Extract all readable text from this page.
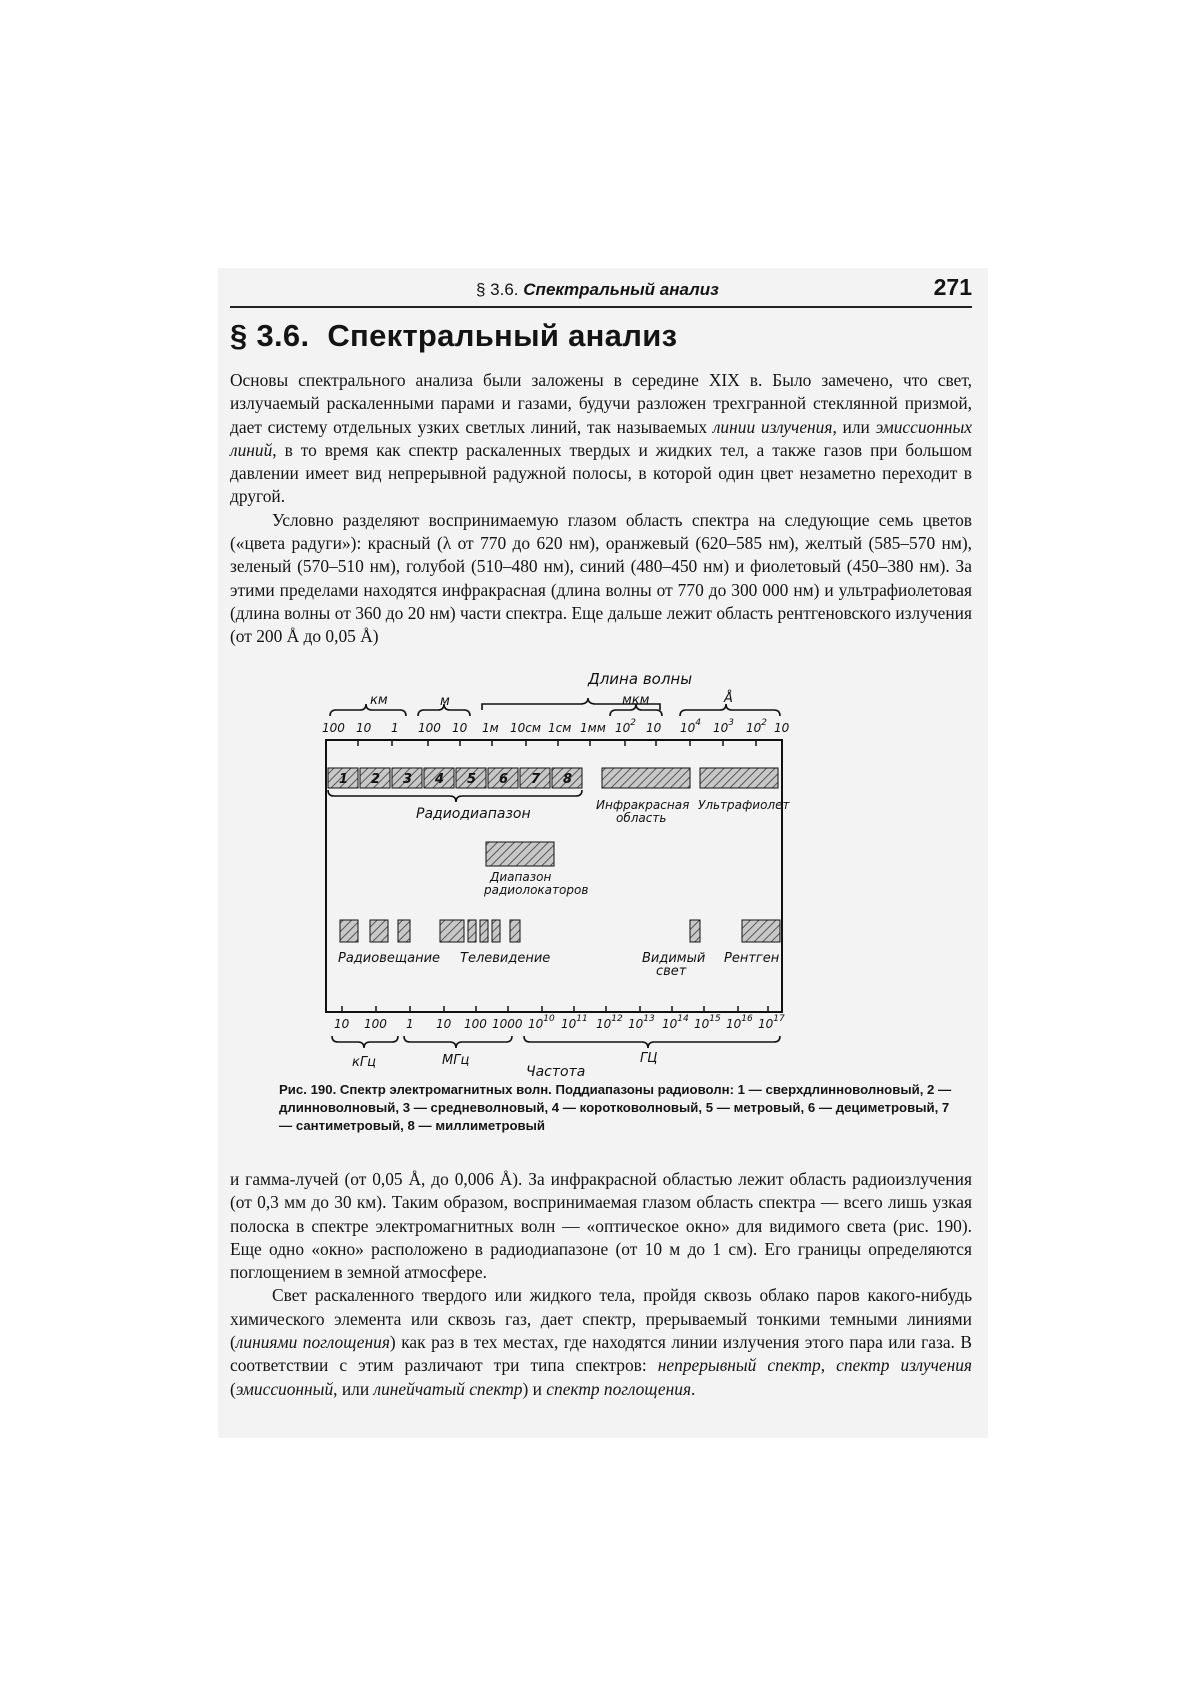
§ 3.6. Спектральный анализ	271
§ 3.6. Спектральный анализ

Основы спектрального анализа были заложены в середине XIX в. Было замечено, что свет, излучаемый раскаленными парами и газами, будучи разложен трехгранной стеклянной призмой, дает систему отдельных узких светлых линий, так называемых линии излучения, или эмиссионных линий, в то время как спектр раскаленных твердых и жидких тел, а также газов при большом давлении имеет вид непрерывной радужной полосы, в которой один цвет незаметно переходит в другой.

Условно разделяют воспринимаемую глазом область спектра на следующие семь цветов («цвета радуги»): красный (λ от 770 до 620 нм), оранжевый (620–585 нм), желтый (585–570 нм), зеленый (570–510 нм), голубой (510–480 нм), синий (480–450 нм) и фиолетовый (450–380 нм). За этими пределами находятся инфракрасная (длина волны от 770 до 300 000 нм) и ультрафиолетовая (длина волны от 360 до 20 нм) части спектра. Еще дальше лежит область рентгеновского излучения (от 200 Å до 0,05 Å)

Длина волны
км	м	мкм	Å
100 10 1 100 10 1м 10см 1см 1мм $10^2$ 10 $10^4$ $10^3$ $10^2$ 10
1 2 3 4 5 6 7 8
Радиодиапазон
Инфракрасная
область
Ультрафиолет
Диапазон
радиолокаторов
Радиовещание Телевидение	Видимый
свет
Рентген
10 100 1 10 100 1000 $10^{10}$ $10^{11}$ $10^{12}$ $10^{13}$ $10^{14}$ $10^{15}$ $10^{16}$ $10^{17}$
кГц	МГц	ГЦ
Частота
Рис. 190. Спектр электромагнитных волн. Поддиапазоны радиоволн: 1 — сверхдлинноволновый, 2 — длинноволновый, 3 — средневолновый, 4 — коротковолновый, 5 — метровый, 6 — дециметровый, 7 — сантиметровый, 8 — миллиметровый

и гамма-лучей (от 0,05 Å, до 0,006 Å). За инфракрасной областью лежит область радиоизлучения (от 0,3 мм до 30 км). Таким образом, воспринимаемая глазом область спектра — всего лишь узкая полоска в спектре электромагнитных волн — «оптическое окно» для видимого света (рис. 190). Еще одно «окно» расположено в радиодиапазоне (от 10 м до 1 см). Его границы определяются поглощением в земной атмосфере.

Свет раскаленного твердого или жидкого тела, пройдя сквозь облако паров какого-нибудь химического элемента или сквозь газ, дает спектр, прерываемый тонкими темными линиями (линиями поглощения) как раз в тех местах, где находятся линии излучения этого пара или газа. В соответствии с этим различают три типа спектров: непрерывный спектр, спектр излучения (эмиссионный, или линейчатый спектр) и спектр поглощения.
